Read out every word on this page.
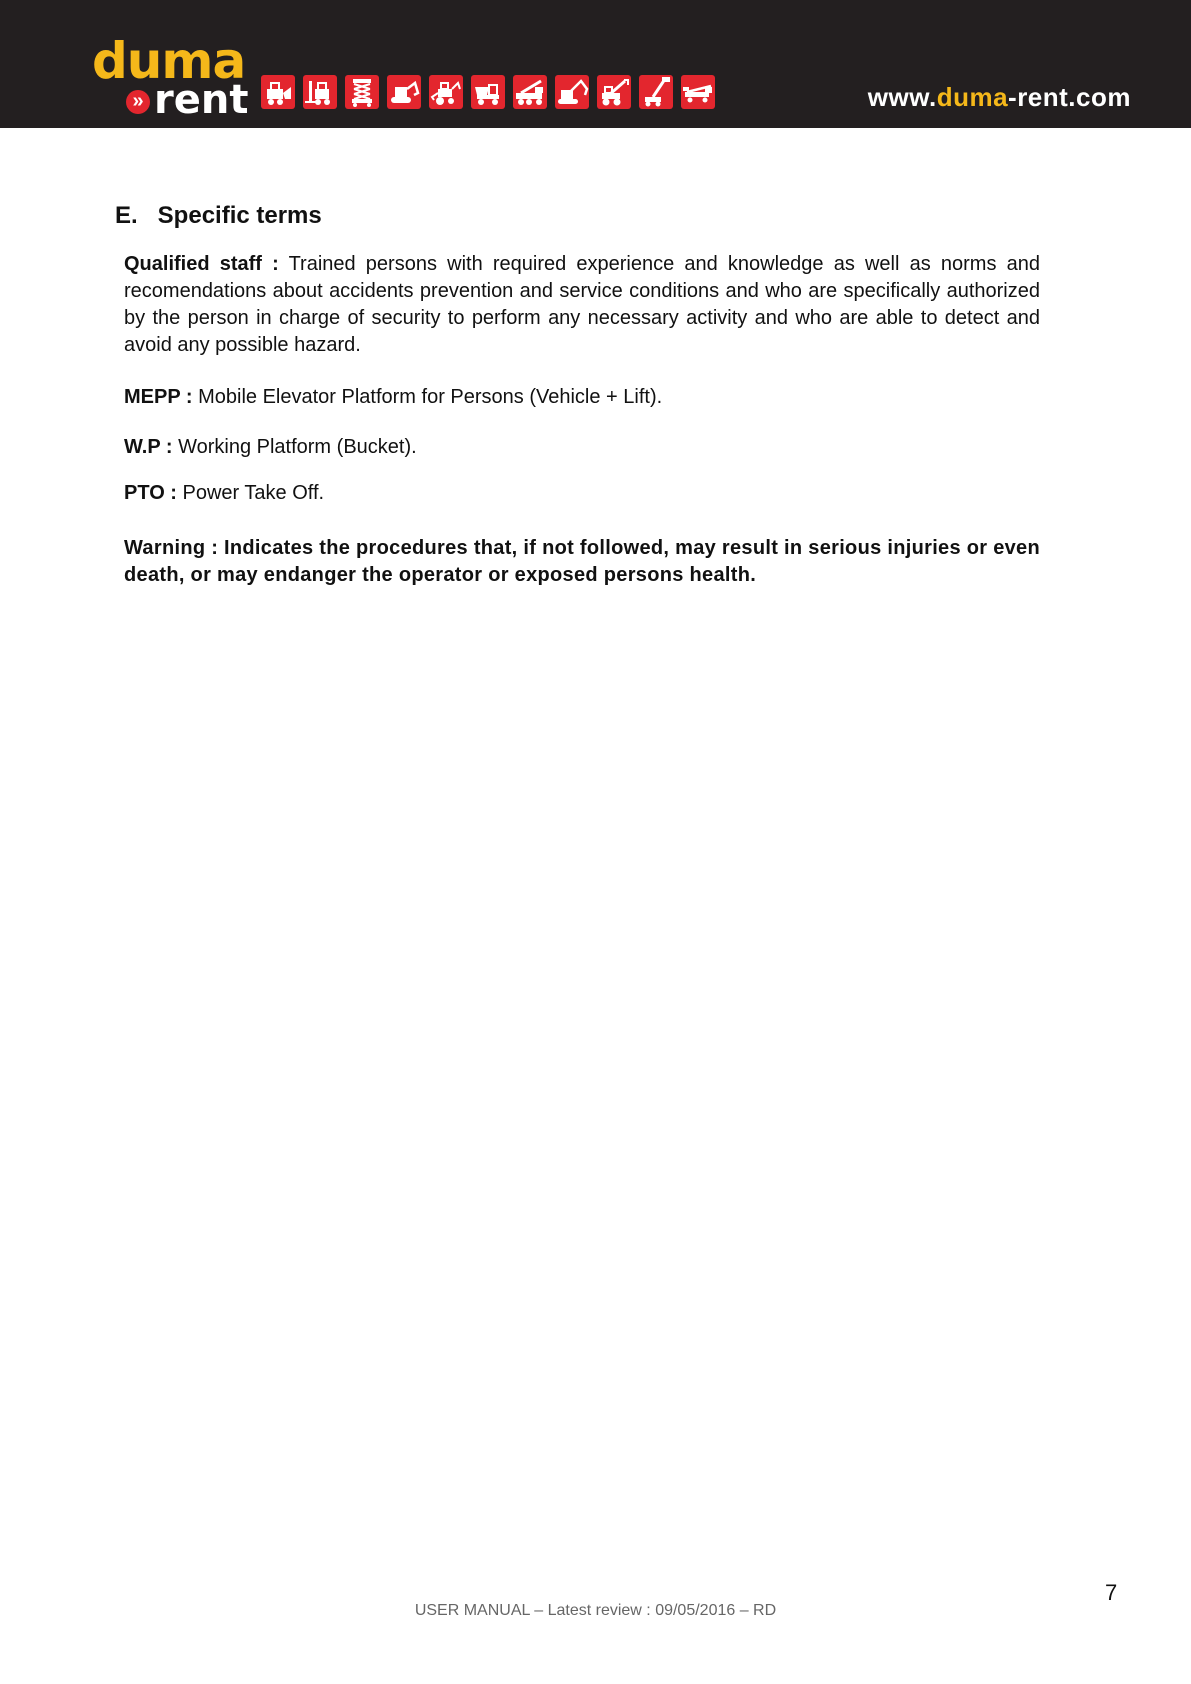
duma
» rent	www.duma-rent.com
E. Specific terms

Qualified staff : Trained persons with required experience and knowledge as well as norms and recomendations about accidents prevention and service conditions and who are specifically authorized by the person in charge of security to perform any necessary activity and who are able to detect and avoid any possible hazard.

MEPP : Mobile Elevator Platform for Persons (Vehicle + Lift).

W.P : Working Platform (Bucket).

PTO : Power Take Off.

Warning : Indicates the procedures that, if not followed, may result in serious injuries or even death, or may endanger the operator or exposed persons health.

7
USER MANUAL – Latest review : 09/05/2016 – RD
